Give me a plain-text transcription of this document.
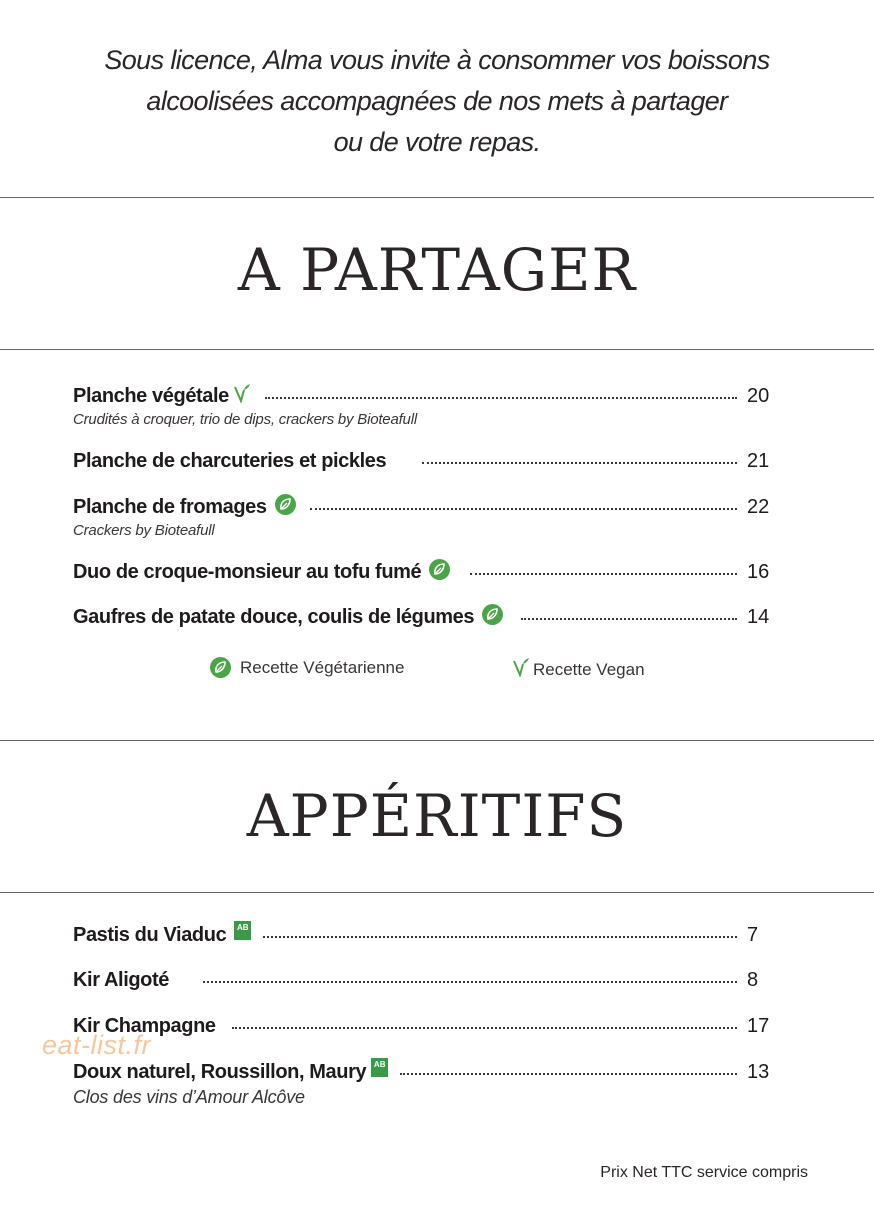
Sous licence, Alma vous invite à consommer vos boissons
alcoolisées accompagnées de nos mets à partager
ou de votre repas.
A PARTAGER
Planche végétale	20
Crudités à croquer, trio de dips, crackers by Bioteafull
Planche de charcuteries et pickles	21
Planche de fromages	22
Crackers by Bioteafull
Duo de croque-monsieur au tofu fumé	16
Gaufres de patate douce, coulis de légumes	14
Recette Végétarienne	Recette Vegan
APPÉRITIFS
Pastis du Viaduc	AB	7
Kir Aligoté	8
Kir Champagne	17
Doux naturel, Roussillon, Maury AB	13
Clos des vins d’Amour Alcôve
eat-list.fr
Prix Net TTC service compris
